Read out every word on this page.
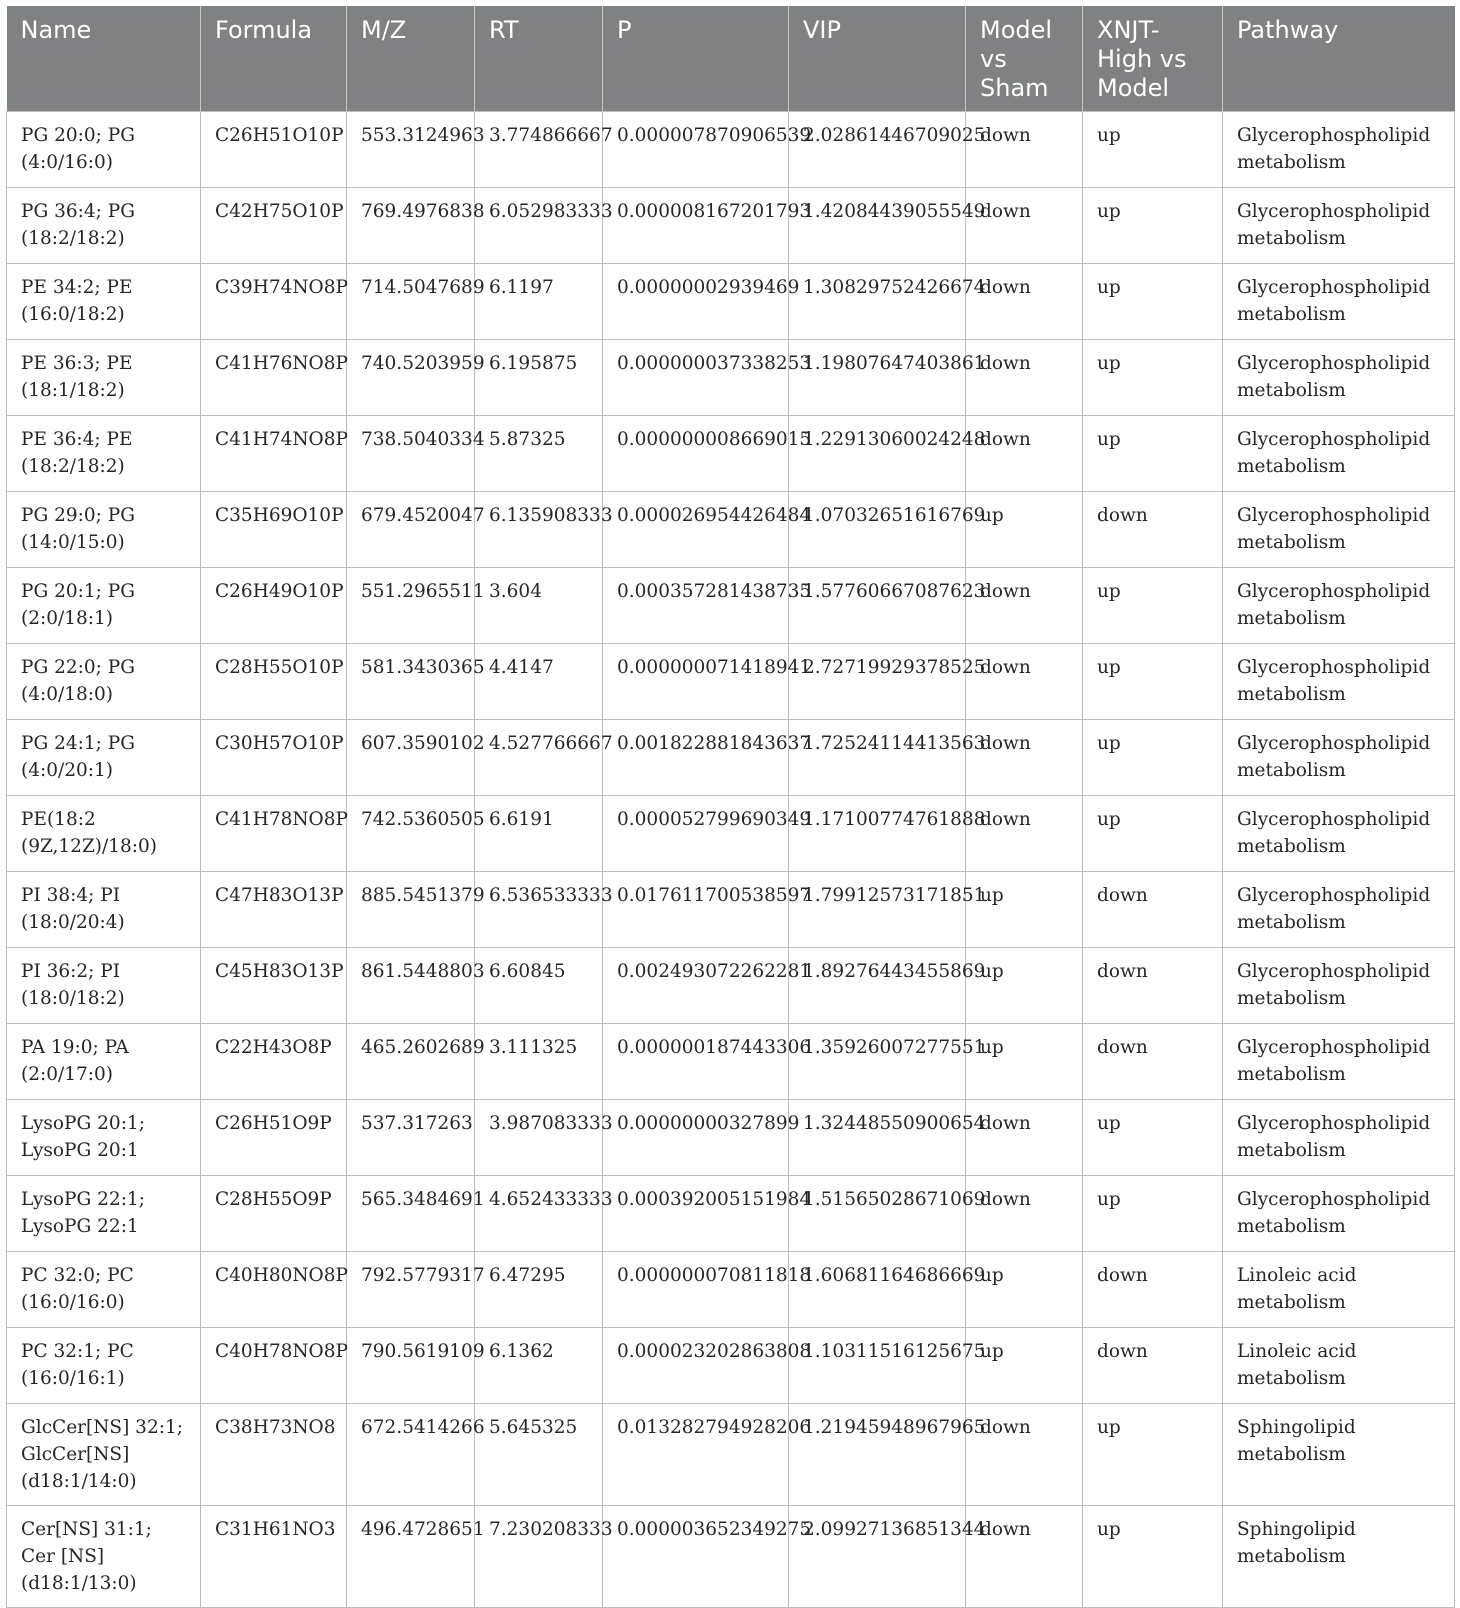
Name	Formula	M/Z	RT	P	VIP	Model vs Sham	XNJT-High vs Model	Pathway
PG 20:0; PG (4:0/16:0)	C26H51O10P	553.3124963	3.774866667	0.000007870906539	2.02861446709025	down	up	Glycerophospholipid metabolism
PG 36:4; PG (18:2/18:2)	C42H75O10P	769.4976838	6.052983333	0.000008167201793	1.42084439055549	down	up	Glycerophospholipid metabolism
PE 34:2; PE (16:0/18:2)	C39H74NO8P	714.5047689	6.1197	0.00000002939469	1.30829752426674	down	up	Glycerophospholipid metabolism
PE 36:3; PE (18:1/18:2)	C41H76NO8P	740.5203959	6.195875	0.000000037338253	1.19807647403861	down	up	Glycerophospholipid metabolism
PE 36:4; PE (18:2/18:2)	C41H74NO8P	738.5040334	5.87325	0.000000008669015	1.22913060024248	down	up	Glycerophospholipid metabolism
PG 29:0; PG (14:0/15:0)	C35H69O10P	679.4520047	6.135908333	0.000026954426484	1.07032651616769	up	down	Glycerophospholipid metabolism
PG 20:1; PG (2:0/18:1)	C26H49O10P	551.2965511	3.604	0.000357281438735	1.57760667087623	down	up	Glycerophospholipid metabolism
PG 22:0; PG (4:0/18:0)	C28H55O10P	581.3430365	4.4147	0.000000071418941	2.72719929378525	down	up	Glycerophospholipid metabolism
PG 24:1; PG (4:0/20:1)	C30H57O10P	607.3590102	4.527766667	0.001822881843637	1.72524114413563	down	up	Glycerophospholipid metabolism
PE(18:2 (9Z,12Z)/18:0)	C41H78NO8P	742.5360505	6.6191	0.000052799690349	1.17100774761888	down	up	Glycerophospholipid metabolism
PI 38:4; PI (18:0/20:4)	C47H83O13P	885.5451379	6.536533333	0.017611700538597	1.79912573171851	up	down	Glycerophospholipid metabolism
PI 36:2; PI (18:0/18:2)	C45H83O13P	861.5448803	6.60845	0.002493072262281	1.89276443455869	up	down	Glycerophospholipid metabolism
PA 19:0; PA (2:0/17:0)	C22H43O8P	465.2602689	3.111325	0.000000187443306	1.35926007277551	up	down	Glycerophospholipid metabolism
LysoPG 20:1; LysoPG 20:1	C26H51O9P	537.317263	3.987083333	0.00000000327899	1.32448550900654	down	up	Glycerophospholipid metabolism
LysoPG 22:1; LysoPG 22:1	C28H55O9P	565.3484691	4.652433333	0.000392005151984	1.51565028671069	down	up	Glycerophospholipid metabolism
PC 32:0; PC (16:0/16:0)	C40H80NO8P	792.5779317	6.47295	0.000000070811818	1.60681164686669	up	down	Linoleic acid metabolism
PC 32:1; PC (16:0/16:1)	C40H78NO8P	790.5619109	6.1362	0.000023202863808	1.10311516125675	up	down	Linoleic acid metabolism
GlcCer[NS] 32:1; GlcCer[NS] (d18:1/14:0)	C38H73NO8	672.5414266	5.645325	0.013282794928206	1.21945948967965	down	up	Sphingolipid metabolism
Cer[NS] 31:1; Cer [NS](d18:1/13:0)	C31H61NO3	496.4728651	7.230208333	0.000003652349275	2.09927136851344	down	up	Sphingolipid metabolism
